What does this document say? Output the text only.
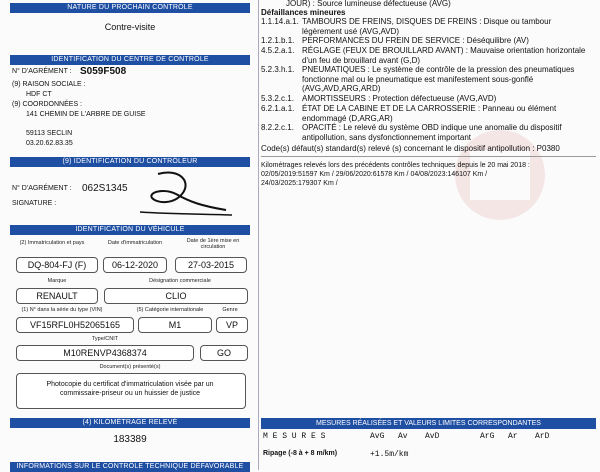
NATURE DU PROCHAIN CONTRÔLE
Contre-visite
IDENTIFICATION DU CENTRE DE CONTRÔLE
N° D'AGRÉMENT : S059F508
(9) RAISON SOCIALE :
HDF CT
(9) COORDONNÉES :
141 CHEMIN DE L'ARBRE DE GUISE
59113 SECLIN
03.20.62.83.35
(9) IDENTIFICATION DU CONTRÔLEUR
N° D'AGRÉMENT : 062S1345
SIGNATURE :
IDENTIFICATION DU VÉHICULE
(2) Immatriculation et pays	Date d'immatriculation	Date de 1ère mise en circulation
DQ-804-FJ (F)	06-12-2020	27-03-2015
Marque	Désignation commerciale
RENAULT	CLIO
(1) N° dans la série du type (VIN)	(5) Catégorie internationale	Genre
VF15RFL0H52065165	M1	VP
Type/CNIT
M10RENVP4368374	GO
Document(s) présenté(s)
Photocopie du certificat d'immatriculation visée par un commissaire-priseur ou un huissier de justice
(4) KILOMÉTRAGE RELEVÉ
183389
INFORMATIONS SUR LE CONTRÔLE TECHNIQUE DÉFAVORABLE
JOUR) : Source lumineuse défectueuse (AVG)
Défaillances mineures
1.1.14.a.1. TAMBOURS DE FREINS, DISQUES DE FREINS : Disque ou tambour
légèrement usé (AVG,AVD)
1.2.1.b.1. PERFORMANCES DU FREIN DE SERVICE : Déséquilibre (AV)
4.5.2.a.1. RÉGLAGE (FEUX DE BROUILLARD AVANT) : Mauvaise orientation horizontale
d'un feu de brouillard avant (G,D)
5.2.3.h.1. PNEUMATIQUES : Le système de contrôle de la pression des pneumatiques
fonctionne mal ou le pneumatique est manifestement sous-gonflé
(AVG,AVD,ARG,ARD)
5.3.2.c.1. AMORTISSEURS : Protection défectueuse (AVG,AVD)
6.2.1.a.1. ÉTAT DE LA CABINE ET DE LA CARROSSERIE : Panneau ou élément
endommagé (D,ARG,AR)
8.2.2.c.1. OPACITÉ : Le relevé du système OBD indique une anomalie du dispositif
antipollution, sans dysfonctionnement important
Code(s) défaut(s) standard(s) relevé (s) concernant le dispositif antipollution : P0380
Kilométrages relevés lors des précédents contrôles techniques depuis le 20 mai 2018 :
02/05/2019:51597 Km / 29/06/2020:61578 Km / 04/08/2023:146107 Km /
24/03/2025:179307 Km /
MESURES RÉALISÉES ET VALEURS LIMITES CORRESPONDANTES
M E S U R E S	AvG Av AvD	ArG Ar ArD
Ripage (-8 à + 8 m/km)	+1.5m/km
